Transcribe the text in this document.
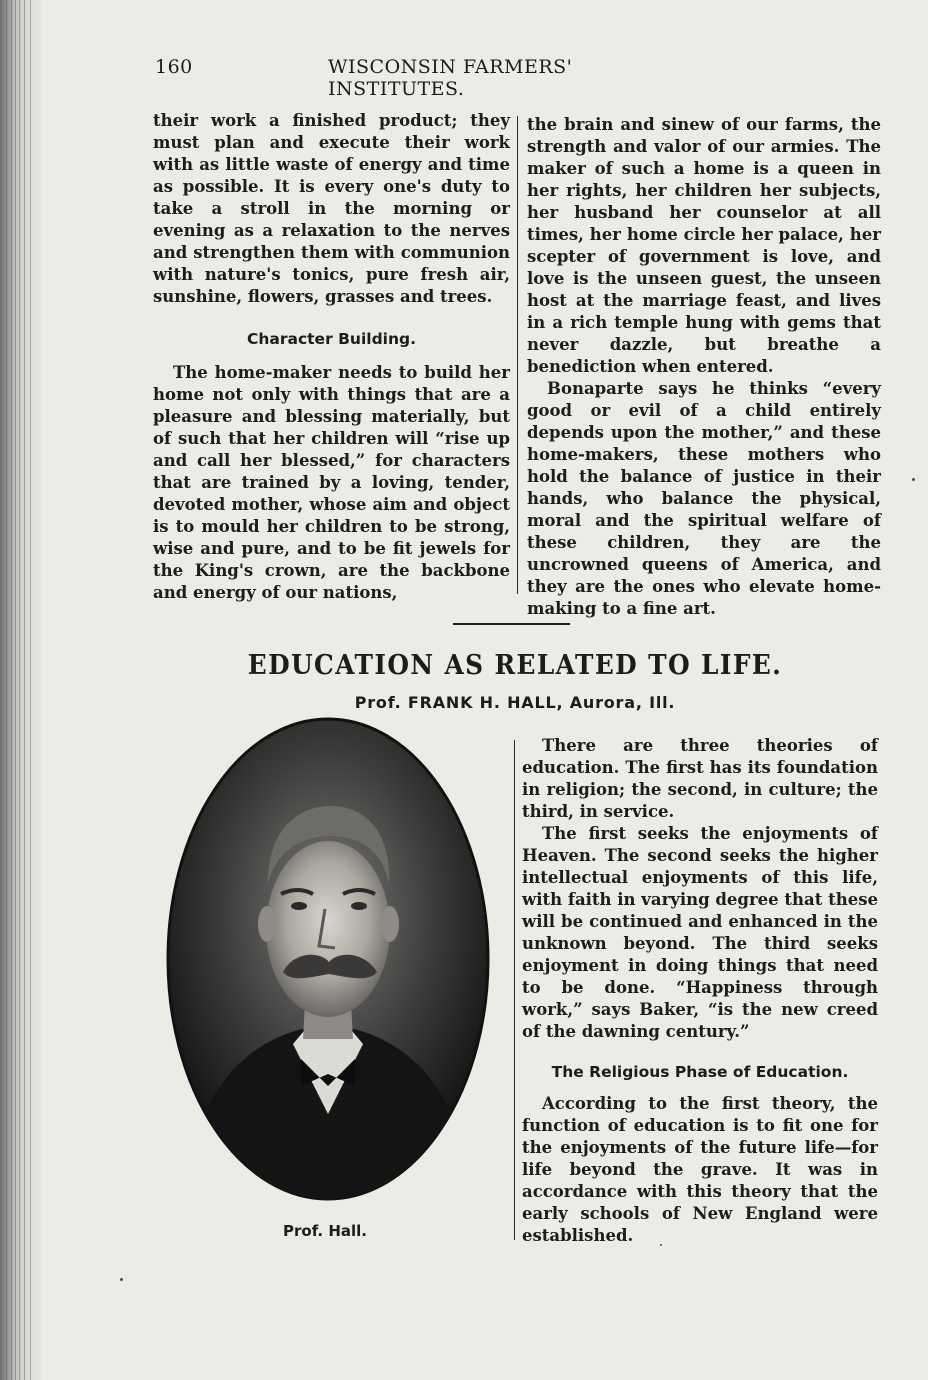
160	WISCONSIN FARMERS' INSTITUTES.

their work a finished product; they must plan and execute their work with as little waste of energy and time as possible. It is every one's duty to take a stroll in the morning or evening as a relaxation to the nerves and strengthen them with communion with nature's tonics, pure fresh air, sunshine, flowers, grasses and trees.

Character Building.

The home-maker needs to build her home not only with things that are a pleasure and blessing materially, but of such that her children will “rise up and call her blessed,” for characters that are trained by a loving, tender, devoted mother, whose aim and object is to mould her children to be strong, wise and pure, and to be fit jewels for the King's crown, are the backbone and energy of our nations,

the brain and sinew of our farms, the strength and valor of our armies. The maker of such a home is a queen in her rights, her children her subjects, her husband her counselor at all times, her home circle her palace, her scepter of government is love, and love is the unseen guest, the unseen host at the marriage feast, and lives in a rich temple hung with gems that never dazzle, but breathe a benediction when entered.

Bonaparte says he thinks “every good or evil of a child entirely depends upon the mother,” and these home-makers, these mothers who hold the balance of justice in their hands, who balance the physical, moral and the spiritual welfare of these children, they are the uncrowned queens of America, and they are the ones who elevate home-making to a fine art.

EDUCATION AS RELATED TO LIFE.
Prof. FRANK H. HALL, Aurora, Ill.
Prof. Hall.

There are three theories of education. The first has its foundation in religion; the second, in culture; the third, in service.

The first seeks the enjoyments of Heaven. The second seeks the higher intellectual enjoyments of this life, with faith in varying degree that these will be continued and enhanced in the unknown beyond. The third seeks enjoyment in doing things that need to be done. “Happiness through work,” says Baker, “is the new creed of the dawning century.”

The Religious Phase of Education.

According to the first theory, the function of education is to fit one for the enjoyments of the future life—for life beyond the grave. It was in accordance with this theory that the early schools of New England were established.
